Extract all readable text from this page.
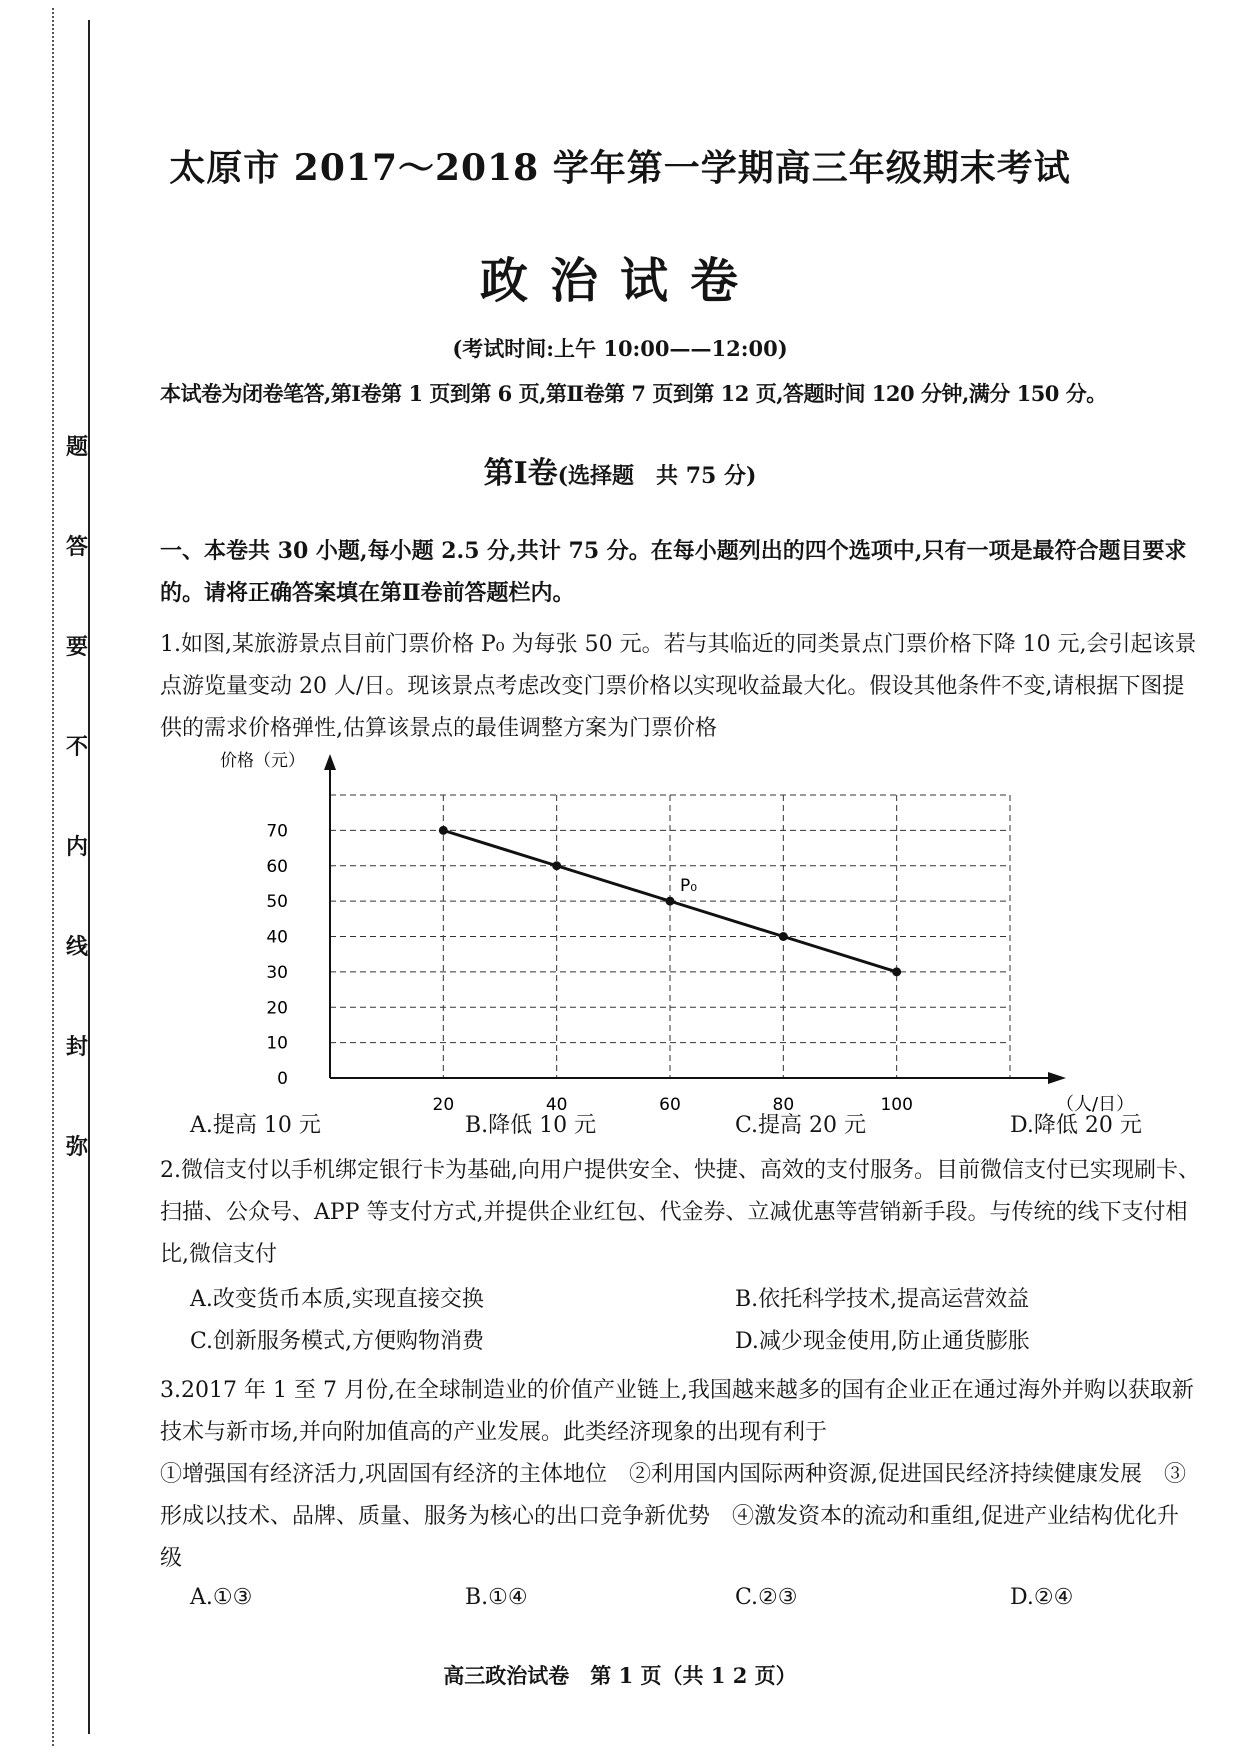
题
答
要
不
内
线
封
弥
太原市 2017～2018 学年第一学期高三年级期末考试
政治试卷
(考试时间:上午 10:00——12:00)
本试卷为闭卷笔答,第Ⅰ卷第 1 页到第 6 页,第Ⅱ卷第 7 页到第 12 页,答题时间 120 分钟,满分 150 分。
第Ⅰ卷(选择题　共 75 分)
一、本卷共 30 小题,每小题 2.5 分,共计 75 分。在每小题列出的四个选项中,只有一项是最符合题目要求的。请将正确答案填在第Ⅱ卷前答题栏内。
1.如图,某旅游景点目前门票价格 P₀ 为每张 50 元。若与其临近的同类景点门票价格下降 10 元,会引起该景点游览量变动 20 人/日。现该景点考虑改变门票价格以实现收益最大化。假设其他条件不变,请根据下图提供的需求价格弹性,估算该景点的最佳调整方案为门票价格
0
10
20
30
40
50
60
70
20	40	60	80	100
价格（元）
（人/日）
P₀
A.提高 10 元	B.降低 10 元	C.提高 20 元	D.降低 20 元
2.微信支付以手机绑定银行卡为基础,向用户提供安全、快捷、高效的支付服务。目前微信支付已实现刷卡、扫描、公众号、APP 等支付方式,并提供企业红包、代金券、立减优惠等营销新手段。与传统的线下支付相比,微信支付
A.改变货币本质,实现直接交换	B.依托科学技术,提高运营效益
C.创新服务模式,方便购物消费	D.减少现金使用,防止通货膨胀
3.2017 年 1 至 7 月份,在全球制造业的价值产业链上,我国越来越多的国有企业正在通过海外并购以获取新技术与新市场,并向附加值高的产业发展。此类经济现象的出现有利于
①增强国有经济活力,巩固国有经济的主体地位　②利用国内国际两种资源,促进国民经济持续健康发展　③形成以技术、品牌、质量、服务为核心的出口竞争新优势　④激发资本的流动和重组,促进产业结构优化升级
A.①③	B.①④	C.②③	D.②④
高三政治试卷　第 1 页（共 1 2 页）
